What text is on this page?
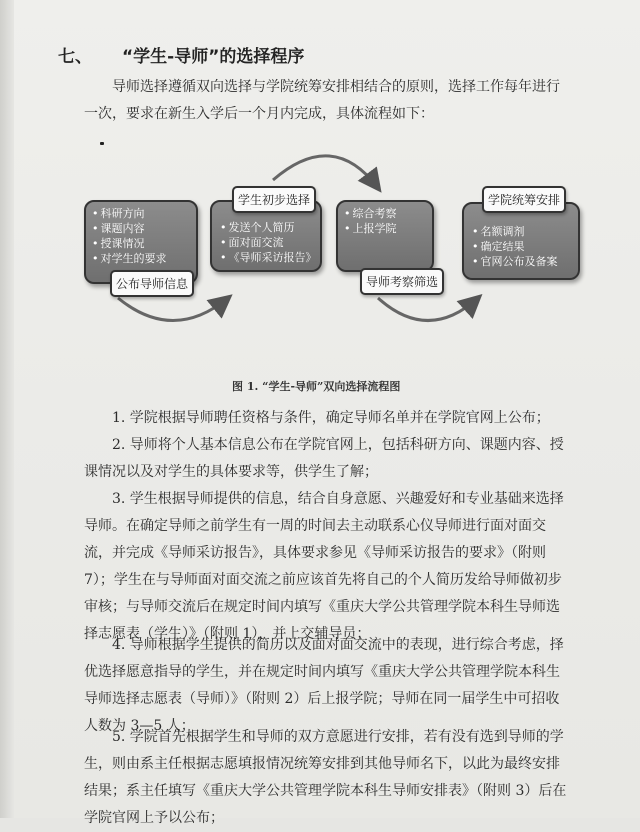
七、 “学生-导师”的选择程序
导师选择遵循双向选择与学院统筹安排相结合的原则，选择工作每年进行
一次，要求在新生入学后一个月内完成，具体流程如下：
• 科研方向
• 课题内容
• 授课情况
• 对学生的要求
公布导师信息
• 发送个人简历
• 面对面交流
• 《导师采访报告》
学生初步选择
• 综合考察
• 上报学院
导师考察筛选
• 名额调剂
• 确定结果
• 官网公布及备案
学院统筹安排
图 1. “学生-导师”双向选择流程图
1. 学院根据导师聘任资格与条件，确定导师名单并在学院官网上公布；
2. 导师将个人基本信息公布在学院官网上，包括科研方向、课题内容、授
课情况以及对学生的具体要求等，供学生了解；
3. 学生根据导师提供的信息，结合自身意愿、兴趣爱好和专业基础来选择
导师。在确定导师之前学生有一周的时间去主动联系心仪导师进行面对面交
流，并完成《导师采访报告》，具体要求参见《导师采访报告的要求》（附则
7）；学生在与导师面对面交流之前应该首先将自己的个人简历发给导师做初步
审核；与导师交流后在规定时间内填写《重庆大学公共管理学院本科生导师选
择志愿表（学生）》（附则 1），并上交辅导员；
4. 导师根据学生提供的简历以及面对面交流中的表现，进行综合考虑，择
优选择愿意指导的学生，并在规定时间内填写《重庆大学公共管理学院本科生
导师选择志愿表（导师）》（附则 2）后上报学院；导师在同一届学生中可招收
人数为 3—5 人；
5. 学院首先根据学生和导师的双方意愿进行安排，若有没有选到导师的学
生，则由系主任根据志愿填报情况统筹安排到其他导师名下，以此为最终安排
结果；系主任填写《重庆大学公共管理学院本科生导师安排表》（附则 3）后在
学院官网上予以公布；
